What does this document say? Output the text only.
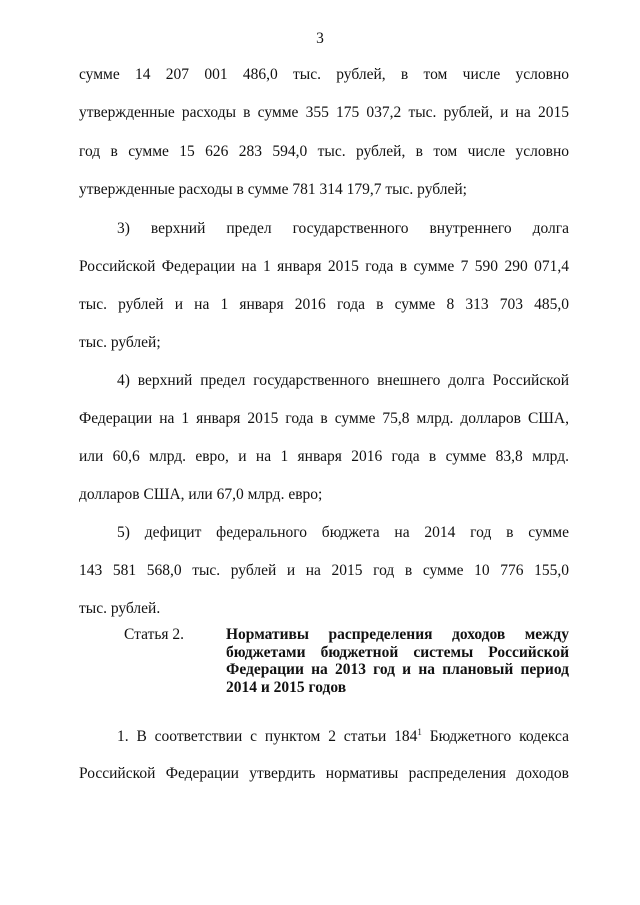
3
сумме 14 207 001 486,0 тыс. рублей, в том числе условно
утвержденные расходы в сумме 355 175 037,2 тыс. рублей, и на 2015
год в сумме 15 626 283 594,0 тыс. рублей, в том числе условно
утвержденные расходы в сумме 781 314 179,7 тыс. рублей;
3) верхний предел государственного внутреннего долга
Российской Федерации на 1 января 2015 года в сумме 7 590 290 071,4
тыс. рублей и на 1 января 2016 года в сумме 8 313 703 485,0
тыс. рублей;
4) верхний предел государственного внешнего долга Российской
Федерации на 1 января 2015 года в сумме 75,8 млрд. долларов США,
или 60,6 млрд. евро, и на 1 января 2016 года в сумме 83,8 млрд.
долларов США, или 67,0 млрд. евро;
5) дефицит федерального бюджета на 2014 год в сумме
143 581 568,0 тыс. рублей и на 2015 год в сумме 10 776 155,0
тыс. рублей.
Статья 2.	Нормативы распределения доходов между
бюджетами бюджетной системы Российской
Федерации на 2013 год и на плановый период
2014 и 2015 годов
1. В соответствии с пунктом 2 статьи $184^1$ Бюджетного кодекса
Российской Федерации утвердить нормативы распределения доходов
